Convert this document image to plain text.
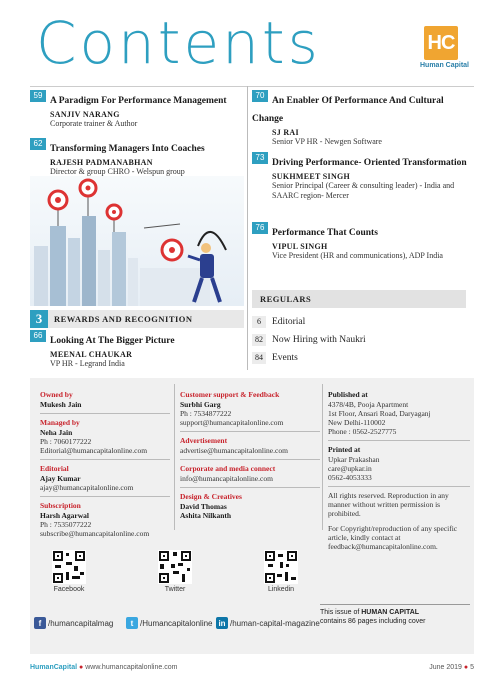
Contents	HC
Human Capital
59 A Paradigm For Performance Management
SANJIV NARANG
Corporate trainer & Author
62 Transforming Managers Into Coaches
RAJESH PADMANABHAN
Director & group CHRO - Welspun group
3	REWARDS AND RECOGNITION
66 Looking At The Bigger Picture
MEENAL CHAUKAR
VP HR - Legrand India
70 An Enabler Of Performance And Cultural Change
SJ RAI
Senior VP HR - Newgen Software
73 Driving Performance- Oriented Transformation
SUKHMEET SINGH
Senior Principal (Career & consulting leader) - India and SAARC region- Mercer
76 Performance That Counts
VIPUL SINGH
Vice President (HR and communications), ADP India
REGULARS
6	Editorial
82 Now Hiring with Naukri
84 Events
Owned by
Mukesh Jain
Managed by
Neha Jain
Ph : 7060177222
Editorial@humancapitalonline.com
Editorial
Ajay Kumar
ajay@humancapitalonline.com
Subscription
Harsh Agarwal
Ph : 7535077222
subscribe@humancapitalonline.com
Customer support & Feedback
Surbhi Garg
Ph : 7534877222
support@humancapitalonline.com
Advertisement
advertise@humancapitalonline.com
Corporate and media connect
info@humancapitalonline.com
Design & Creatives
David Thomas
Ashita Nilkanth
Published at
4378/4B, Pooja Apartment
1st Floor, Ansari Road, Daryaganj
New Delhi-110002
Phone : 0562-2527775
Printed at
Upkar Prakashan
care@upkar.in
0562-4053333
All rights reserved. Reproduction in any manner without written permission is prohibited.
For Copyright/reproduction of any specific article, kindly contact at feedback@humancapitalonline.com.
Facebook	Twitter	Linkedin
f /humancapitalmag	t /Humancapitalonline in /human-capital-magazine
This issue of HUMAN CAPITAL
contains 86 pages including cover
HumanCapital ● www.humancapitalonline.com	June 2019 ● 5
